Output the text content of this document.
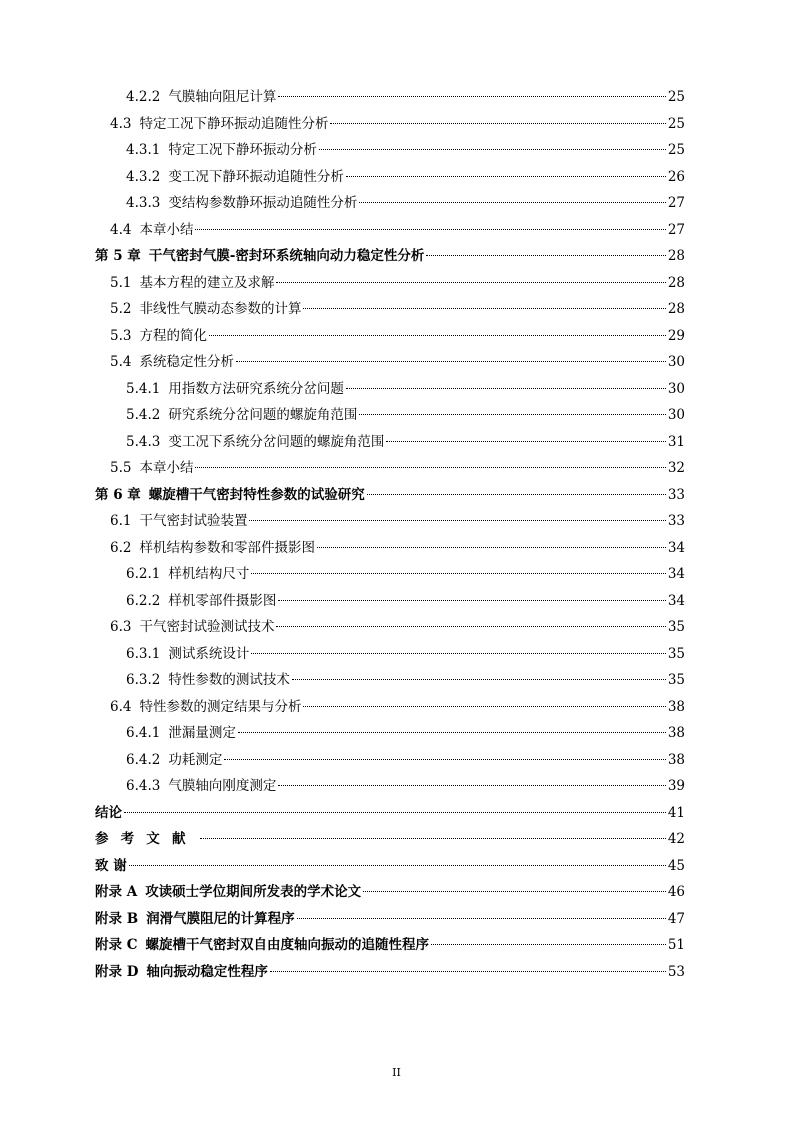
4.2.2 气膜轴向阻尼计算	25
4.3 特定工况下静环振动追随性分析	25
4.3.1 特定工况下静环振动分析	25
4.3.2 变工况下静环振动追随性分析	26
4.3.3 变结构参数静环振动追随性分析	27
4.4 本章小结	27
第 5 章 干气密封气膜-密封环系统轴向动力稳定性分析	28
5.1 基本方程的建立及求解	28
5.2 非线性气膜动态参数的计算	28
5.3 方程的简化	29
5.4 系统稳定性分析	30
5.4.1 用指数方法研究系统分岔问题	30
5.4.2 研究系统分岔问题的螺旋角范围	30
5.4.3 变工况下系统分岔问题的螺旋角范围	31
5.5 本章小结	32
第 6 章 螺旋槽干气密封特性参数的试验研究	33
6.1 干气密封试验装置	33
6.2 样机结构参数和零部件摄影图	34
6.2.1 样机结构尺寸	34
6.2.2 样机零部件摄影图	34
6.3 干气密封试验测试技术	35
6.3.1 测试系统设计	35
6.3.2 特性参数的测试技术	35
6.4 特性参数的测定结果与分析	38
6.4.1 泄漏量测定	38
6.4.2 功耗测定	38
6.4.3 气膜轴向刚度测定	39
结论	41
参考文献	42
致 谢	45
附录 A 攻读硕士学位期间所发表的学术论文	46
附录 B 润滑气膜阻尼的计算程序	47
附录 C 螺旋槽干气密封双自由度轴向振动的追随性程序	51
附录 D 轴向振动稳定性程序	53
II
